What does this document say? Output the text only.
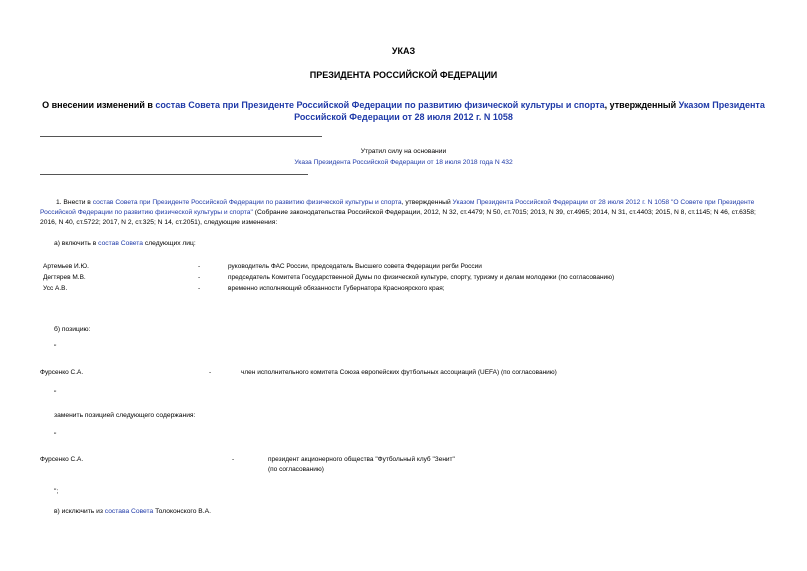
УКАЗ
ПРЕЗИДЕНТА РОССИЙСКОЙ ФЕДЕРАЦИИ
О внесении изменений в состав Совета при Президенте Российской Федерации по развитию физической культуры и спорта, утвержденный Указом Президента Российской Федерации от 28 июля 2012 г. N 1058
Утратил силу на основании
Указа Президента Российской Федерации от 18 июля 2018 года N 432
1. Внести в состав Совета при Президенте Российской Федерации по развитию физической культуры и спорта, утвержденный Указом Президента Российской Федерации от 28 июля 2012 г. N 1058 "О Совете при Президенте Российской Федерации по развитию физической культуры и спорта" (Собрание законодательства Российской Федерации, 2012, N 32, ст.4479; N 50, ст.7015; 2013, N 39, ст.4965; 2014, N 31, ст.4403; 2015, N 8, ст.1145; N 46, ст.6358; 2016, N 40, ст.5722; 2017, N 2, ст.325; N 14, ст.2051), следующие изменения:
а) включить в состав Совета следующих лиц:
Артемьев И.Ю.	-	руководитель ФАС России, председатель Высшего совета Федерации регби России
Дегтярев М.В.	-	председатель Комитета Государственной Думы по физической культуре, спорту, туризму и делам молодежи (по согласованию)
Усс А.В.	-	временно исполняющий обязанности Губернатора Красноярского края;
б) позицию:
"
Фурсенко С.А.	-	член исполнительного комитета Союза европейских футбольных ассоциаций (UEFA) (по согласованию)
"
заменить позицией следующего содержания:
"
Фурсенко С.А.	-	президент акционерного общества "Футбольный клуб "Зенит"
(по согласованию)
";
в) исключить из состава Совета Толоконского В.А.
